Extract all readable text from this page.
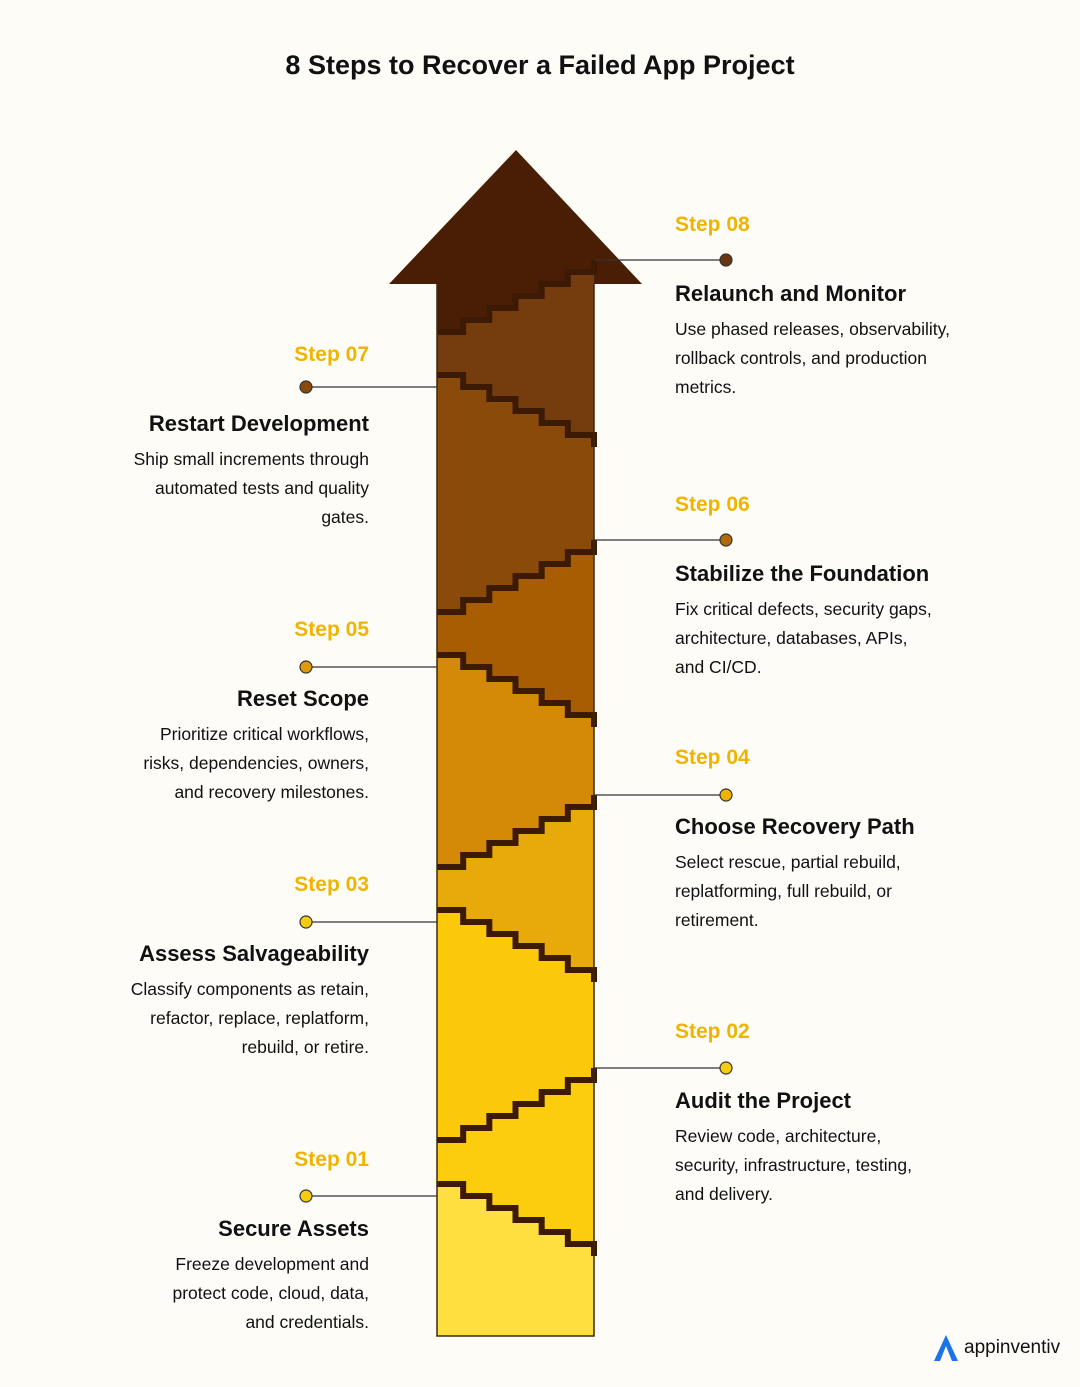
8 Steps to Recover a Failed App Project
Step 01
Secure Assets
Freeze development and
protect code, cloud, data,
and credentials.
Step 02
Audit the Project
Review code, architecture,
security, infrastructure, testing,
and delivery.
Step 03
Assess Salvageability
Classify components as retain,
refactor, replace, replatform,
rebuild, or retire.
Step 04
Choose Recovery Path
Select rescue, partial rebuild,
replatforming, full rebuild, or
retirement.
Step 05
Reset Scope
Prioritize critical workflows,
risks, dependencies, owners,
and recovery milestones.
Step 06
Stabilize the Foundation
Fix critical defects, security gaps,
architecture, databases, APIs,
and CI/CD.
Step 07
Restart Development
Ship small increments through
automated tests and quality
gates.
Step 08
Relaunch and Monitor
Use phased releases, observability,
rollback controls, and production
metrics.
appinventiv
